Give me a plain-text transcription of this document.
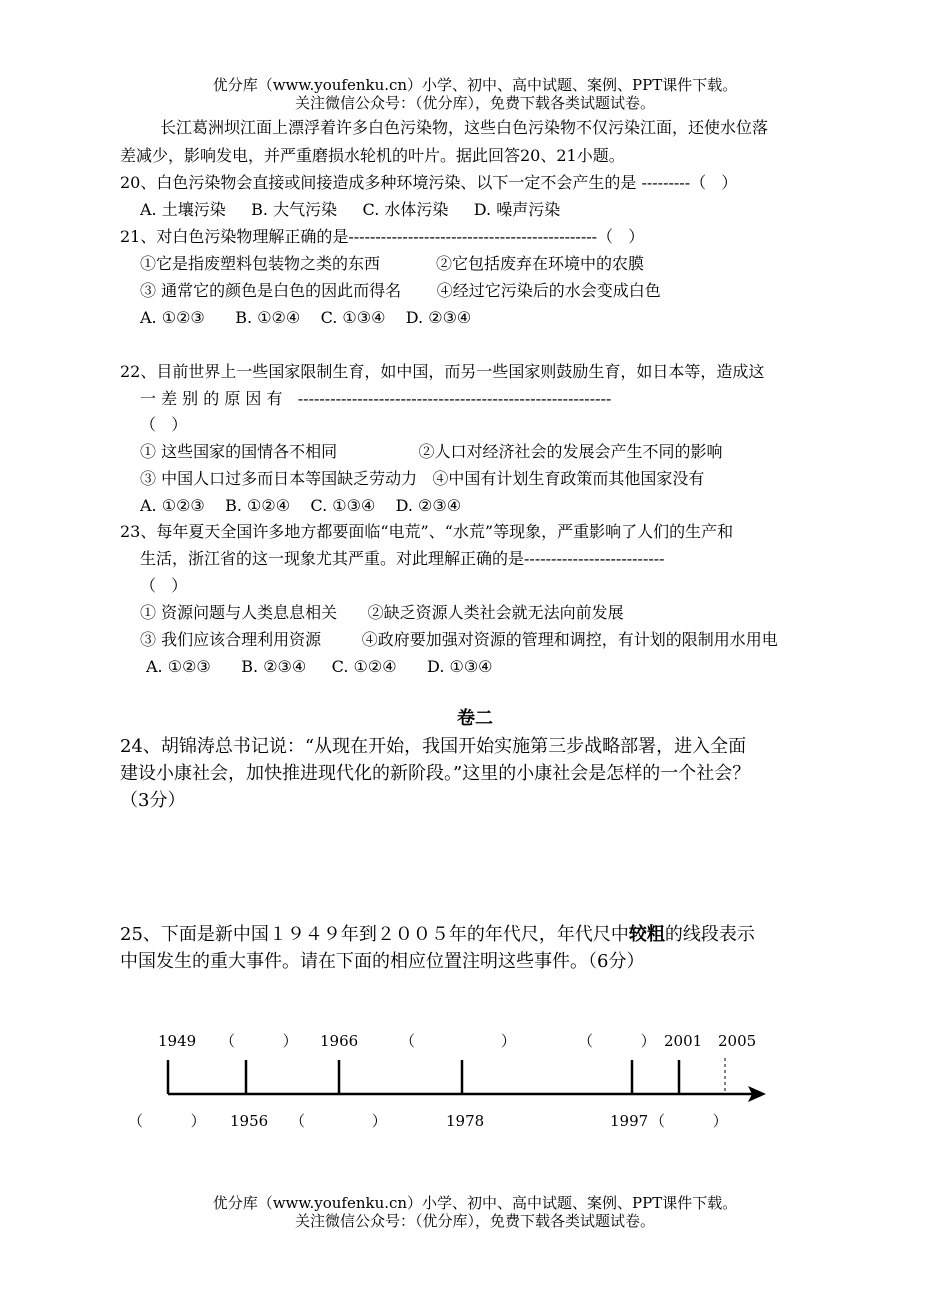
优分库（www.youfenku.cn）小学、初中、高中试题、案例、PPT课件下载。
关注微信公众号：（优分库），免费下载各类试题试卷。
长江葛洲坝江面上漂浮着许多白色污染物，这些白色污染物不仅污染江面，还使水位落
差减少，影响发电，并严重磨损水轮机的叶片。据此回答20、21小题。
20、白色污染物会直接或间接造成多种环境污染、以下一定不会产生的是 ---------（   ）
A. 土壤污染     B. 大气污染     C. 水体污染     D. 噪声污染
21、对白色污染物理解正确的是----------------------------------------------（   ）
①它是指废塑料包装物之类的东西           ②它包括废弃在环境中的农膜
③ 通常它的颜色是白色的因此而得名       ④经过它污染后的水会变成白色
A. ①②③      B. ①②④    C. ①③④    D. ②③④
22、目前世界上一些国家限制生育，如中国，而另一些国家则鼓励生育，如日本等，造成这
一 差 别 的 原 因 有   ----------------------------------------------------------
（   ）
① 这些国家的国情各不相同                ②人口对经济社会的发展会产生不同的影响
③ 中国人口过多而日本等国缺乏劳动力   ④中国有计划生育政策而其他国家没有
A. ①②③    B. ①②④    C. ①③④    D. ②③④
23、每年夏天全国许多地方都要面临“电荒”、“水荒”等现象，严重影响了人们的生产和
生活，浙江省的这一现象尤其严重。对此理解正确的是--------------------------
（   ）
① 资源问题与人类息息相关      ②缺乏资源人类社会就无法向前发展
③ 我们应该合理利用资源        ④政府要加强对资源的管理和调控，有计划的限制用水用电
A. ①②③      B. ②③④     C. ①②④      D. ①③④
卷二
24、胡锦涛总书记说：“从现在开始，我国开始实施第三步战略部署，进入全面
建设小康社会，加快推进现代化的新阶段。”这里的小康社会是怎样的一个社会？
（3分）
25、下面是新中国１９４９年到２００５年的年代尺，年代尺中较粗的线段表示
中国发生的重大事件。请在下面的相应位置注明这些事件。（6分）
1949 （          ） 1966	（                  ）	（          ） 2001 2005
（          ） 1956 （              ）	1978	1997 （          ）
优分库（www.youfenku.cn）小学、初中、高中试题、案例、PPT课件下载。
关注微信公众号：（优分库），免费下载各类试题试卷。
